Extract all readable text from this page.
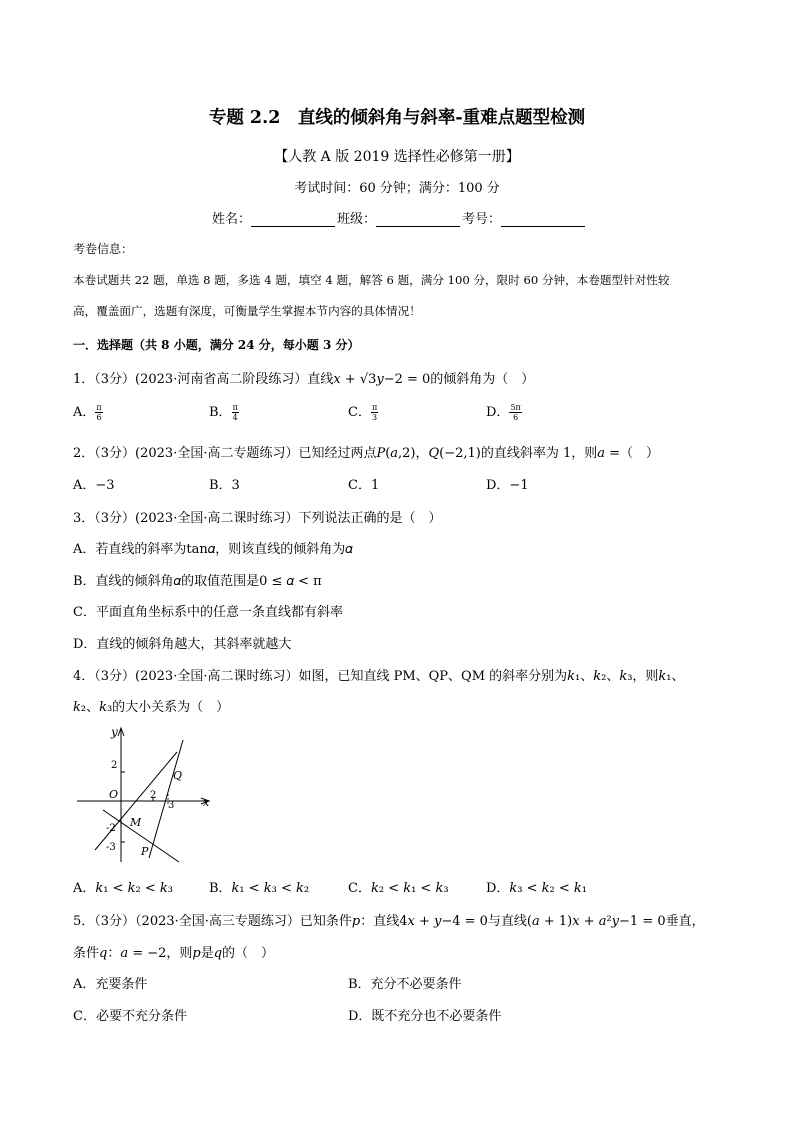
专题 2.2　直线的倾斜角与斜率-重难点题型检测
【人教 A 版 2019 选择性必修第一册】
考试时间：60 分钟；满分：100 分
姓名：	班级：	考号：
考卷信息：
本卷试题共 22 题，单选 8 题，多选 4 题，填空 4 题，解答 6 题，满分 100 分，限时 60 分钟，本卷题型针对性较
高，覆盖面广，选题有深度，可衡量学生掌握本节内容的具体情况！
一．选择题（共 8 小题，满分 24 分，每小题 3 分）
1．（3分）(2023·河南省高二阶段练习）直线𝑥 + √3𝑦−2 = 0的倾斜角为（　）
A． $\frac{\pi}{6}$	B． $\frac{\pi}{4}$	C． $\frac{\pi}{3}$	D． $\frac{5\pi}{6}$
2．（3分）(2023·全国·高二专题练习）已知经过两点𝑃(𝑎,2)，𝑄(−2,1)的直线斜率为 1，则𝑎 =（　）
A．−3	B．3	C．1	D．−1
3．（3分）(2023·全国·高二课时练习）下列说法正确的是（　）
A．若直线的斜率为tan𝛼，则该直线的倾斜角为𝛼
B．直线的倾斜角𝛼的取值范围是0 ≤ 𝛼 < π
C．平面直角坐标系中的任意一条直线都有斜率
D．直线的倾斜角越大，其斜率就越大
4．（3分）(2023·全国·高二课时练习）如图，已知直线 PM、QP、QM 的斜率分别为𝑘₁、𝑘₂、𝑘₃，则𝑘₁、
𝑘₂、𝑘₃的大小关系为（　）
y
x
O
2
2
3
-2
-3
Q
M
P
A．𝑘₁ < 𝑘₂ < 𝑘₃	B．𝑘₁ < 𝑘₃ < 𝑘₂	C．𝑘₂ < 𝑘₁ < 𝑘₃	D．𝑘₃ < 𝑘₂ < 𝑘₁
5．（3分）（2023·全国·高三专题练习）已知条件𝑝：直线4𝑥 + 𝑦−4 = 0与直线(𝑎 + 1)𝑥 + 𝑎²𝑦−1 = 0垂直，
条件𝑞：𝑎 = −2，则𝑝是𝑞的（　）
A．充要条件	B．充分不必要条件
C．必要不充分条件	D．既不充分也不必要条件
